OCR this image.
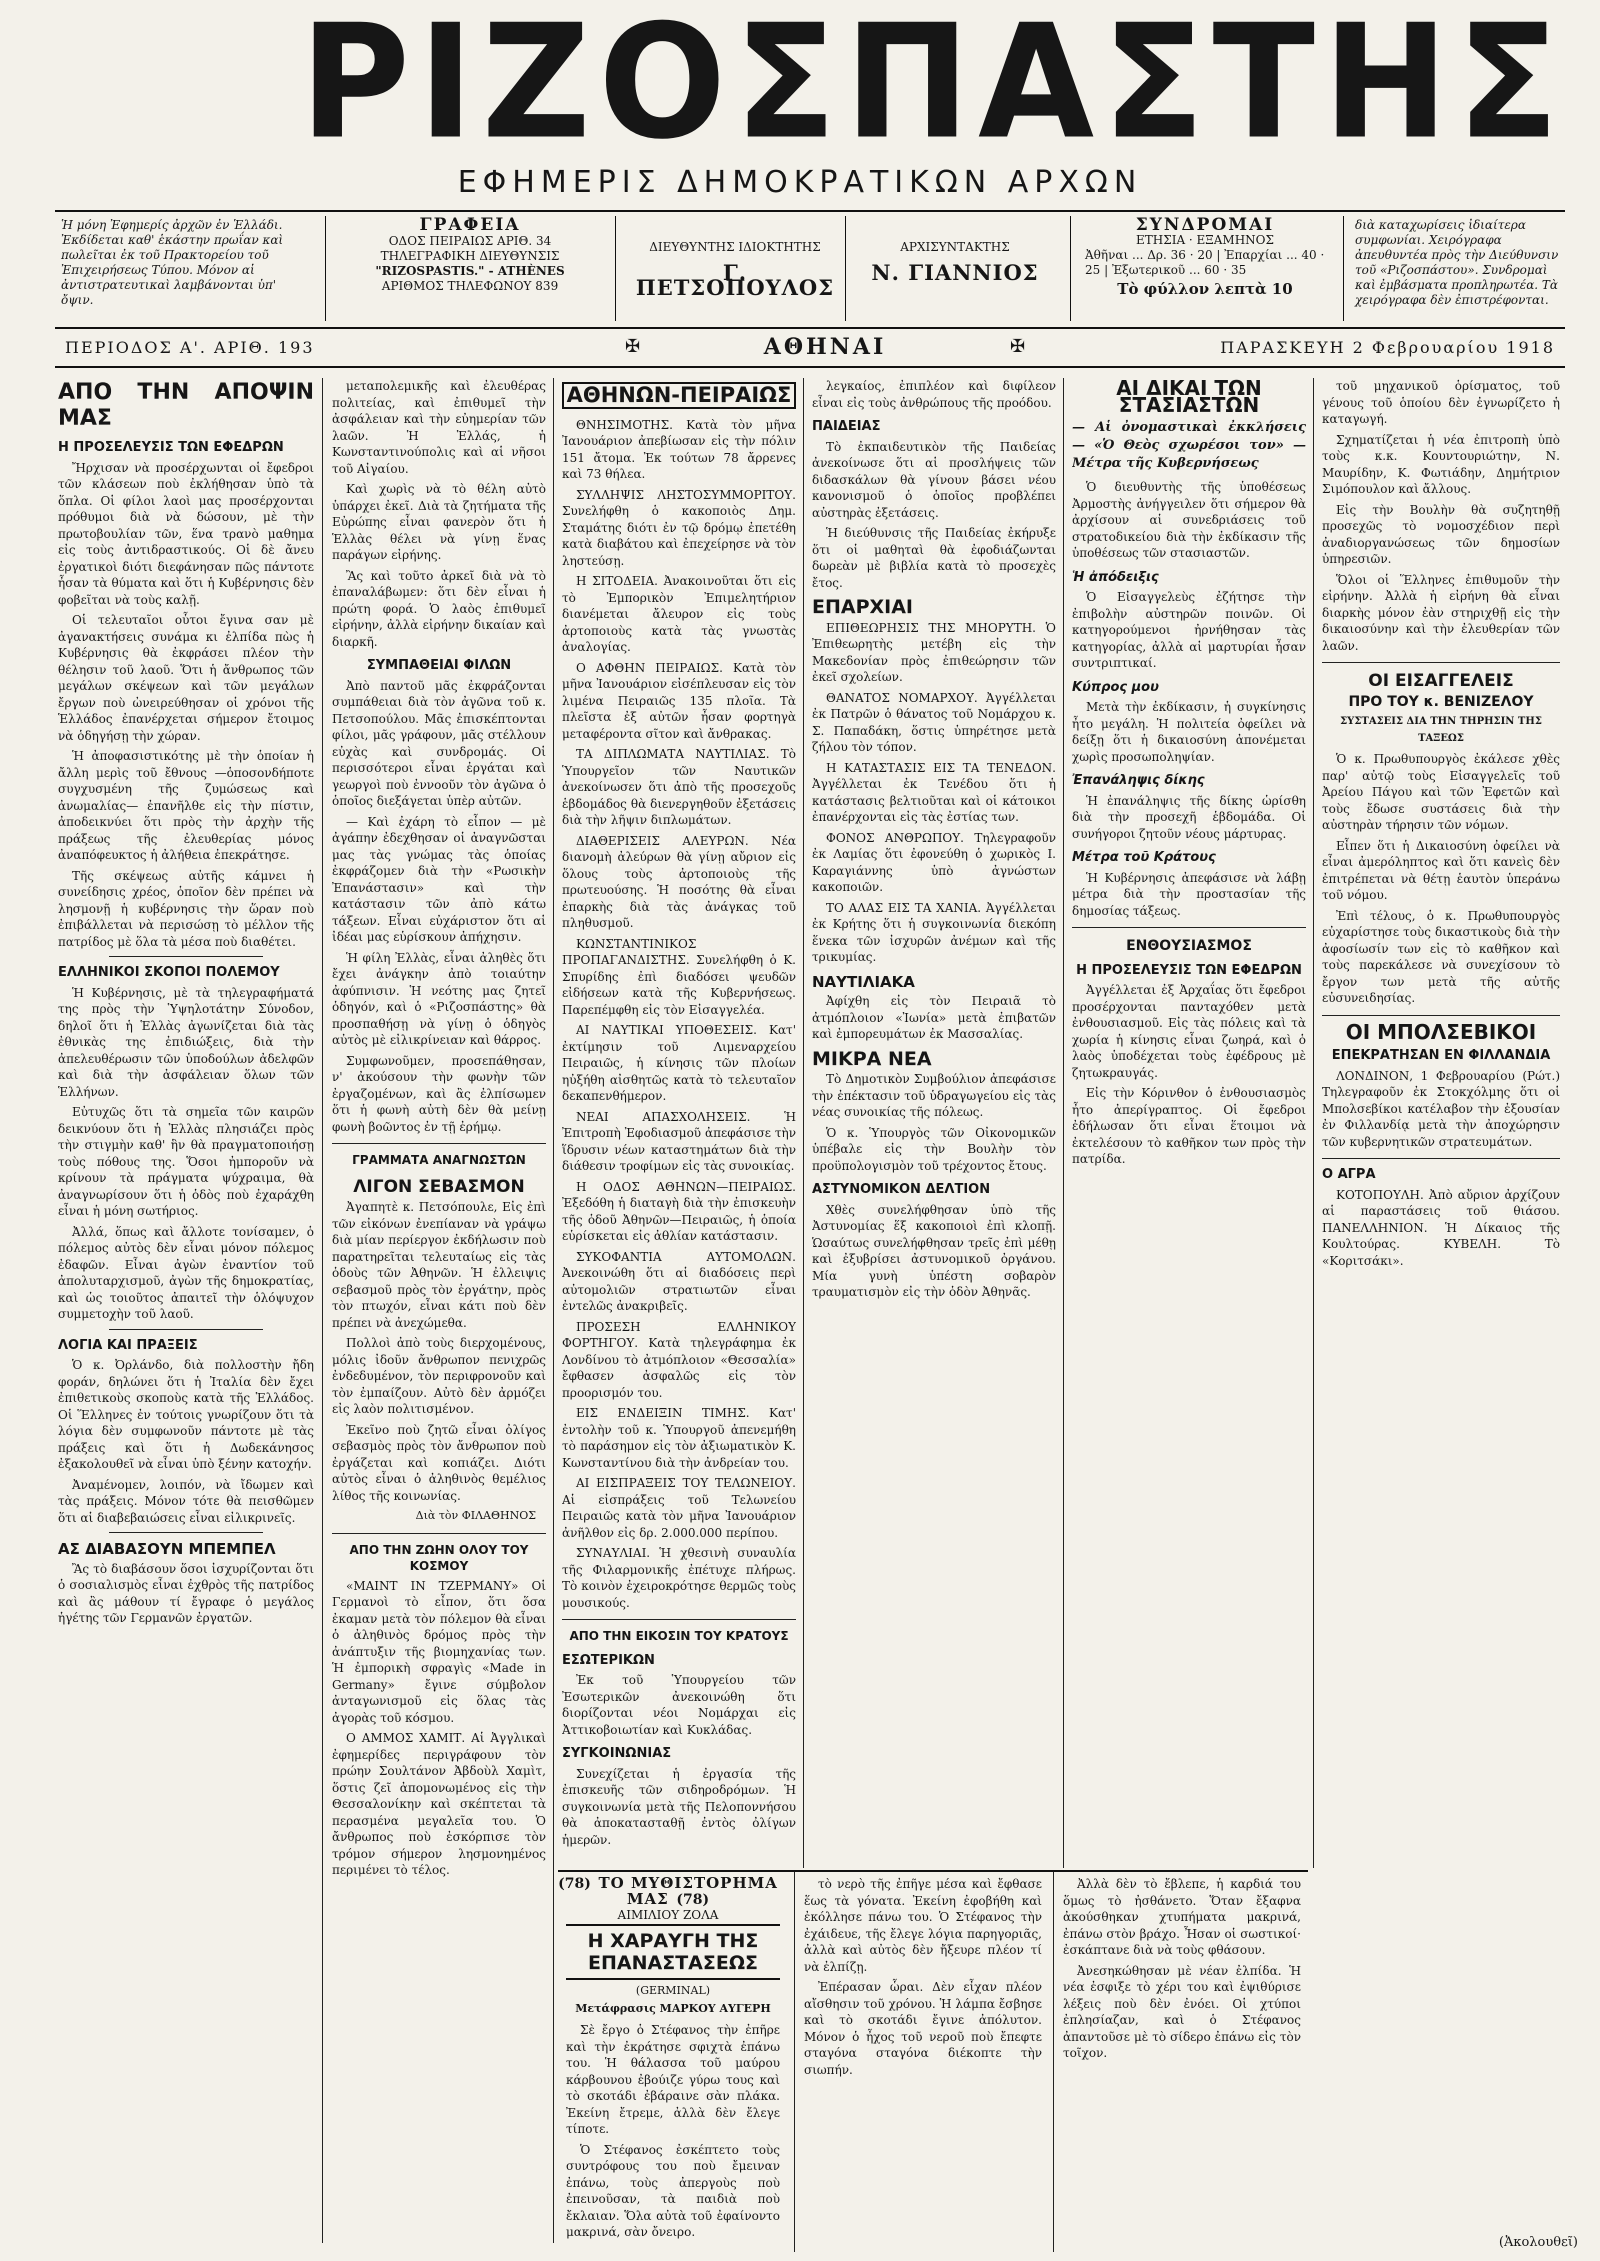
ΡΙΖΟΣΠΑΣΤΗΣ
ΕΦΗΜΕΡΙΣ ΔΗΜΟΚΡΑΤΙΚΩΝ ΑΡΧΩΝ
Ἡ μόνη Ἐφημερίς ἀρχῶν ἐν Ἑλλάδι. Ἐκδίδεται καθ' ἑκάστην πρωΐαν καὶ πωλεῖται ἐκ τοῦ Πρακτορείου τοῦ Ἐπιχειρήσεως Τύπου. Μόνον αἱ ἀντιστρατευτικαὶ λαμβάνονται ὑπ' ὄψιν.
ΓΡΑΦΕΙΑ
ΟΔΟΣ ΠΕΙΡΑΙΩΣ ΑΡΙΘ. 34
ΤΗΛΕΓΡΑΦΙΚΗ ΔΙΕΥΘΥΝΣΙΣ
"RIZOSPASTIS." - ATHÈNES
ΑΡΙΘΜΟΣ ΤΗΛΕΦΩΝΟΥ 839
ΔΙΕΥΘΥΝΤΗΣ ΙΔΙΟΚΤΗΤΗΣ
Γ. ΠΕΤΣΟΠΟΥΛΟΣ
ΑΡΧΙΣΥΝΤΑΚΤΗΣ
Ν. ΓΙΑΝΝΙΟΣ
ΣΥΝΔΡΟΜΑΙ
ΕΤΗΣΙΑ · ΕΞΑΜΗΝΟΣ
Ἀθῆναι ... Δρ. 36 · 20 | Ἐπαρχίαι ... 40 · 25 | Ἐξωτερικοῦ ... 60 · 35
Τὸ φύλλον λεπτὰ 10
διὰ καταχωρίσεις ἰδιαίτερα συμφωνίαι. Χειρόγραφα ἀπευθυντέα πρὸς τὴν Διεύθυνσιν τοῦ «Ριζοσπάστου». Συνδρομαὶ καὶ ἐμβάσματα προπληρωτέα. Τὰ χειρόγραφα δὲν ἐπιστρέφονται.
ΠΕΡΙΟΔΟΣ Α'. ΑΡΙΘ. 193	✠	ΑΘΗΝΑΙ	✠	ΠΑΡΑΣΚΕΥΗ 2 Φεβρουαρίου 1918
ΑΠΟ ΤΗΝ ΑΠΟΨΙΝ ΜΑΣ
Η ΠΡΟΣΕΛΕΥΣΙΣ ΤΩΝ ΕΦΕΔΡΩΝ

Ἤρχισαν νὰ προσέρχωνται οἱ ἔφεδροι τῶν κλάσεων ποὺ ἐκλήθησαν ὑπὸ τὰ ὅπλα. Οἱ φίλοι λαοὶ μας προσέρχονται πρόθυμοι διὰ νὰ δώσουν, μὲ τὴν πρωτοβουλίαν τῶν, ἕνα τρανὸ μαθημα εἰς τοὺς ἀντιδραστικούς. Οἱ δὲ ἄνευ ἐργατικοὶ διότι διεφάνησαν πῶς πάντοτε ἦσαν τὰ θύματα καὶ ὅτι ἡ Κυβέρνησις δὲν φοβεῖται νὰ τοὺς καλῇ.

Οἱ τελευταῖοι οὗτοι ἔγινα σαν μὲ ἀγανακτήσεις συνάμα κι ἐλπίδα πὼς ἡ Κυβέρνησις θὰ ἐκφράσει πλέον τὴν θέλησιν τοῦ λαοῦ. Ὅτι ἡ ἄνθρωπος τῶν μεγάλων σκέψεων καὶ τῶν μεγάλων ἔργων ποὺ ὠνειρεύθησαν οἱ χρόνοι τῆς Ἑλλάδος ἐπανέρχεται σήμερον ἔτοιμος νὰ ὁδηγήσῃ τὴν χώραν.

Ἡ ἀποφασιστικότης μὲ τὴν ὁποίαν ἡ ἄλλη μερὶς τοῦ ἔθνους —ὁποσονδήποτε συγχυσμένη τῆς ζυμώσεως καὶ ἀνωμαλίας— ἐπανῆλθε εἰς τὴν πίστιν, ἀποδεικνύει ὅτι πρὸς τὴν ἀρχὴν τῆς πράξεως τῆς ἐλευθερίας μόνος ἀναπόφευκτος ἡ ἀλήθεια ἐπεκράτησε.

Τῆς σκέψεως αὐτῆς κάμνει ἡ συνείδησις χρέος, ὁποῖον δὲν πρέπει νὰ λησμονῇ ἡ κυβέρνησις τὴν ὥραν ποὺ ἐπιβάλλεται νὰ περισώσῃ τὸ μέλλον τῆς πατρίδος μὲ ὅλα τὰ μέσα ποὺ διαθέτει.

ΕΛΛΗΝΙΚΟΙ ΣΚΟΠΟΙ ΠΟΛΕΜΟΥ

Ἡ Κυβέρνησις, μὲ τὰ τηλεγραφήματά της πρὸς τὴν Ὑψηλοτάτην Σύνοδον, δηλοῖ ὅτι ἡ Ἑλλὰς ἀγωνίζεται διὰ τὰς ἐθνικὰς της ἐπιδιώξεις, διὰ τὴν ἀπελευθέρωσιν τῶν ὑποδούλων ἀδελφῶν καὶ διὰ τὴν ἀσφάλειαν ὅλων τῶν Ἑλλήνων.

Εὐτυχῶς ὅτι τὰ σημεῖα τῶν καιρῶν δεικνύουν ὅτι ἡ Ἑλλὰς πλησιάζει πρὸς τὴν στιγμὴν καθ' ἣν θὰ πραγματοποιήσῃ τοὺς πόθους της. Ὅσοι ἠμποροῦν νὰ κρίνουν τὰ πράγματα ψύχραιμα, θὰ ἀναγνωρίσουν ὅτι ἡ ὁδὸς ποὺ ἐχαράχθη εἶναι ἡ μόνη σωτήριος.

Ἀλλά, ὅπως καὶ ἄλλοτε τονίσαμεν, ὁ πόλεμος αὐτὸς δὲν εἶναι μόνον πόλεμος ἐδαφῶν. Εἶναι ἀγὼν ἐναντίον τοῦ ἀπολυταρχισμοῦ, ἀγὼν τῆς δημοκρατίας, καὶ ὡς τοιοῦτος ἀπαιτεῖ τὴν ὁλόψυχον συμμετοχὴν τοῦ λαοῦ.

ΛΟΓΙΑ ΚΑΙ ΠΡΑΞΕΙΣ

Ὁ κ. Ὀρλάνδο, διὰ πολλοστὴν ἤδη φοράν, δηλώνει ὅτι ἡ Ἰταλία δὲν ἔχει ἐπιθετικοὺς σκοποὺς κατὰ τῆς Ἑλλάδος. Οἱ Ἕλληνες ἐν τούτοις γνωρίζουν ὅτι τὰ λόγια δὲν συμφωνοῦν πάντοτε μὲ τὰς πράξεις καὶ ὅτι ἡ Δωδεκάνησος ἐξακολουθεῖ νὰ εἶναι ὑπὸ ξένην κατοχήν.

Ἀναμένομεν, λοιπόν, νὰ ἴδωμεν καὶ τὰς πράξεις. Μόνον τότε θὰ πεισθῶμεν ὅτι αἱ διαβεβαιώσεις εἶναι εἰλικρινεῖς.

ΑΣ ΔΙΑΒΑΣΟΥΝ ΜΠΕΜΠΕΛ

Ἂς τὸ διαβάσουν ὅσοι ἰσχυρίζονται ὅτι ὁ σοσιαλισμὸς εἶναι ἐχθρὸς τῆς πατρίδος καὶ ἂς μάθουν τί ἔγραφε ὁ μεγάλος ἡγέτης τῶν Γερμανῶν ἐργατῶν.

μεταπολεμικῆς καὶ ἐλευθέρας πολιτείας, καὶ ἐπιθυμεῖ τὴν ἀσφάλειαν καὶ τὴν εὐημερίαν τῶν λαῶν. Ἡ Ἑλλάς, ἡ Κωνσταντινούπολις καὶ αἱ νῆσοι τοῦ Αἰγαίου.

Καὶ χωρὶς νὰ τὸ θέλη αὐτὸ ὑπάρχει ἐκεῖ. Διὰ τὰ ζητήματα τῆς Εὐρώπης εἶναι φανερὸν ὅτι ἡ Ἑλλὰς θέλει νὰ γίνῃ ἕνας παράγων εἰρήνης.

Ἂς καὶ τοῦτο ἀρκεῖ διὰ νὰ τὸ ἐπαναλάβωμεν: ὅτι δὲν εἶναι ἡ πρώτη φορά. Ὁ λαὸς ἐπιθυμεῖ εἰρήνην, ἀλλὰ εἰρήνην δικαίαν καὶ διαρκῆ.

ΣΥΜΠΑΘΕΙΑΙ ΦΙΛΩΝ

Ἀπὸ παντοῦ μᾶς ἐκφράζονται συμπάθειαι διὰ τὸν ἀγῶνα τοῦ κ. Πετσοπούλου. Μᾶς ἐπισκέπτονται φίλοι, μᾶς γράφουν, μᾶς στέλλουν εὐχὰς καὶ συνδρομάς. Οἱ περισσότεροι εἶναι ἐργάται καὶ γεωργοὶ ποὺ ἐννοοῦν τὸν ἀγῶνα ὁ ὁποῖος διεξάγεται ὑπὲρ αὐτῶν.

— Καὶ ἐχάρη τὸ εἶπον — μὲ ἀγάπην ἐδεχθησαν οἱ ἀναγνῶσται μας τὰς γνώμας τὰς ὁποίας ἐκφράζομεν διὰ τὴν «Ρωσικὴν Ἐπανάστασιν» καὶ τὴν κατάστασιν τῶν ἀπὸ κάτω τάξεων. Εἶναι εὐχάριστον ὅτι αἱ ἰδέαι μας εὑρίσκουν ἀπήχησιν.

Ἡ φίλη Ἐλλὰς, εἶναι ἀληθὲς ὅτι ἔχει ἀνάγκην ἀπὸ τοιαύτην ἀφύπνισιν. Ἡ νεότης μας ζητεῖ ὁδηγόν, καὶ ὁ «Ριζοσπάστης» θὰ προσπαθήσῃ νὰ γίνῃ ὁ ὁδηγὸς αὐτὸς μὲ εἰλικρίνειαν καὶ θάρρος.

Συμφωνοῦμεν, προσεπάθησαν, ν' ἀκούσουν τὴν φωνὴν τῶν ἐργαζομένων, καὶ ἂς ἐλπίσωμεν ὅτι ἡ φωνὴ αὐτὴ δὲν θὰ μείνῃ φωνὴ βοῶντος ἐν τῇ ἐρήμῳ.

ΓΡΑΜΜΑΤΑ ΑΝΑΓΝΩΣΤΩΝ
ΛΙΓΟΝ ΣΕΒΑΣΜΟΝ

Ἀγαπητὲ κ. Πετσόπουλε, Εἰς ἐπὶ τῶν εἰκόνων ἐνεπίαναν νὰ γράψω διὰ μίαν περίεργον ἐκδήλωσιν ποὺ παρατηρεῖται τελευταίως εἰς τὰς ὁδοὺς τῶν Ἀθηνῶν. Ἡ ἐλλειψις σεβασμοῦ πρὸς τὸν ἐργάτην, πρὸς τὸν πτωχόν, εἶναι κάτι ποὺ δὲν πρέπει νὰ ἀνεχώμεθα.

Πολλοὶ ἀπὸ τοὺς διερχομένους, μόλις ἰδοῦν ἄνθρωπον πενιχρῶς ἐνδεδυμένον, τὸν περιφρονοῦν καὶ τὸν ἐμπαίζουν. Αὐτὸ δὲν ἀρμόζει εἰς λαὸν πολιτισμένον.

Ἐκεῖνο ποὺ ζητῶ εἶναι ὀλίγος σεβασμὸς πρὸς τὸν ἄνθρωπον ποὺ ἐργάζεται καὶ κοπιάζει. Διότι αὐτὸς εἶναι ὁ ἀληθινὸς θεμέλιος λίθος τῆς κοινωνίας.

Διὰ τὸν ΦΙΛΑΘΗΝΟΣ
ΑΠΟ ΤΗΝ ΖΩΗΝ ΟΛΟΥ ΤΟΥ ΚΟΣΜΟΥ

«ΜΑΙΝΤ ΙΝ ΤΖΕΡΜΑΝΥ» Οἱ Γερμανοὶ τὸ εἶπον, ὅτι ὅσα ἐκαμαν μετὰ τὸν πόλεμον θὰ εἶναι ὁ ἀληθινὸς δρόμος πρὸς τὴν ἀνάπτυξιν τῆς βιομηχανίας των. Ἡ ἐμπορικὴ σφραγὶς «Made in Germany» ἔγινε σύμβολον ἀνταγωνισμοῦ εἰς ὅλας τὰς ἀγορὰς τοῦ κόσμου.

Ο ΑΜΜΟΣ ΧΑΜΙΤ. Αἱ Ἀγγλικαὶ ἐφημερίδες περιγράφουν τὸν πρώην Σουλτάνον Ἀβδοὺλ Χαμὶτ, ὅστις ζεῖ ἀπομονωμένος εἰς τὴν Θεσσαλονίκην καὶ σκέπτεται τὰ περασμένα μεγαλεῖα του. Ὁ ἄνθρωπος ποὺ ἐσκόρπισε τὸν τρόμον σήμερον λησμονημένος περιμένει τὸ τέλος.

ΑΘΗΝΩΝ-ΠΕΙΡΑΙΩΣ

ΘΝΗΣΙΜΟΤΗΣ. Κατὰ τὸν μῆνα Ἰανουάριον ἀπεβίωσαν εἰς τὴν πόλιν 151 ἄτομα. Ἐκ τούτων 78 ἄρρενες καὶ 73 θήλεα.

ΣΥΛΛΗΨΙΣ ΛΗΣΤΟΣΥΜΜΟΡΙΤΟΥ. Συνελήφθη ὁ κακοποιὸς Δημ. Σταμάτης διότι ἐν τῷ δρόμῳ ἐπετέθη κατὰ διαβάτου καὶ ἐπεχείρησε νὰ τὸν ληστεύσῃ.

Η ΣΙΤΟΔΕΙΑ. Ἀνακοινοῦται ὅτι εἰς τὸ Ἐμπορικὸν Ἐπιμελητήριον διανέμεται ἄλευρον εἰς τοὺς ἀρτοποιοὺς κατὰ τὰς γνωστὰς ἀναλογίας.

Ο ΑΦΘΗΝ ΠΕΙΡΑΙΩΣ. Κατὰ τὸν μῆνα Ἰανουάριον εἰσέπλευσαν εἰς τὸν λιμένα Πειραιῶς 135 πλοῖα. Τὰ πλεῖστα ἐξ αὐτῶν ἦσαν φορτηγὰ μεταφέροντα σῖτον καὶ ἄνθρακας.

ΤΑ ΔΙΠΛΩΜΑΤΑ ΝΑΥΤΙΛΙΑΣ. Τὸ Ὑπουργεῖον τῶν Ναυτικῶν ἀνεκοίνωσεν ὅτι ἀπὸ τῆς προσεχοῦς ἑβδομάδος θὰ διενεργηθοῦν ἐξετάσεις διὰ τὴν λῆψιν διπλωμάτων.

ΔΙΑΘΕΡΙΣΕΙΣ ΑΛΕΥΡΩΝ. Νέα διανομὴ ἀλεύρων θὰ γίνῃ αὔριον εἰς ὅλους τοὺς ἀρτοποιοὺς τῆς πρωτευούσης. Ἡ ποσότης θὰ εἶναι ἐπαρκὴς διὰ τὰς ἀνάγκας τοῦ πληθυσμοῦ.

ΚΩΝΣΤΑΝΤΙΝΙΚΟΣ ΠΡΟΠΑΓΑΝΔΙΣΤΗΣ. Συνελήφθη ὁ Κ. Σπυρίδης ἐπὶ διαδόσει ψευδῶν εἰδήσεων κατὰ τῆς Κυβερνήσεως. Παρεπέμφθη εἰς τὸν Εἰσαγγελέα.

ΑΙ ΝΑΥΤΙΚΑΙ ΥΠΟΘΕΣΕΙΣ. Κατ' ἐκτίμησιν τοῦ Λιμεναρχείου Πειραιῶς, ἡ κίνησις τῶν πλοίων ηὐξήθη αἰσθητῶς κατὰ τὸ τελευταῖον δεκαπενθήμερον.

ΝΕΑΙ ΑΠΑΣΧΟΛΗΣΕΙΣ. Ἡ Ἐπιτροπὴ Ἐφοδιασμοῦ ἀπεφάσισε τὴν ἵδρυσιν νέων καταστημάτων διὰ τὴν διάθεσιν τροφίμων εἰς τὰς συνοικίας.

Η ΟΔΟΣ ΑΘΗΝΩΝ—ΠΕΙΡΑΙΩΣ. Ἐξεδόθη ἡ διαταγὴ διὰ τὴν ἐπισκευὴν τῆς ὁδοῦ Ἀθηνῶν—Πειραιῶς, ἡ ὁποία εὑρίσκεται εἰς ἀθλίαν κατάστασιν.

ΣΥΚΟΦΑΝΤΙΑ ΑΥΤΟΜΟΛΩΝ. Ἀνεκοινώθη ὅτι αἱ διαδόσεις περὶ αὐτομολιῶν στρατιωτῶν εἶναι ἐντελῶς ἀνακριβεῖς.

ΠΡΟΣΕΣΗ ΕΛΛΗΝΙΚΟΥ ΦΟΡΤΗΓΟΥ. Κατὰ τηλεγράφημα ἐκ Λονδίνου τὸ ἀτμόπλοιον «Θεσσαλία» ἔφθασεν ἀσφαλῶς εἰς τὸν προορισμόν του.

ΕΙΣ ΕΝΔΕΙΞΙΝ ΤΙΜΗΣ. Κατ' ἐντολὴν τοῦ κ. Ὑπουργοῦ ἀπενεμήθη τὸ παράσημον εἰς τὸν ἀξιωματικὸν Κ. Κωνσταντίνου διὰ τὴν ἀνδρείαν του.

ΑΙ ΕΙΣΠΡΑΞΕΙΣ ΤΟΥ ΤΕΛΩΝΕΙΟΥ. Αἱ εἰσπράξεις τοῦ Τελωνείου Πειραιῶς κατὰ τὸν μῆνα Ἰανουάριον ἀνῆλθον εἰς δρ. 2.000.000 περίπου.

ΣΥΝΑΥΛΙΑΙ. Ἡ χθεσινὴ συναυλία τῆς Φιλαρμονικῆς ἐπέτυχε πλήρως. Τὸ κοινὸν ἐχειροκρότησε θερμῶς τοὺς μουσικούς.

ΑΠΟ ΤΗΝ ΕΙΚΟΣΙΝ ΤΟΥ ΚΡΑΤΟΥΣ
ΕΣΩΤΕΡΙΚΩΝ

Ἐκ τοῦ Ὑπουργείου τῶν Ἐσωτερικῶν ἀνεκοινώθη ὅτι διορίζονται νέοι Νομάρχαι εἰς Ἀττικοβοιωτίαν καὶ Κυκλάδας.

ΣΥΓΚΟΙΝΩΝΙΑΣ

Συνεχίζεται ἡ ἐργασία τῆς ἐπισκευῆς τῶν σιδηροδρόμων. Ἡ συγκοινωνία μετὰ τῆς Πελοποννήσου θὰ ἀποκατασταθῇ ἐντὸς ὀλίγων ἡμερῶν.

λεγκαίος, ἐπιπλέον καὶ διφίλεον εἶναι εἰς τοὺς ἀνθρώπους τῆς προόδου.

ΠΑΙΔΕΙΑΣ

Τὸ ἐκπαιδευτικὸν τῆς Παιδείας ἀνεκοίνωσε ὅτι αἱ προσλήψεις τῶν διδασκάλων θὰ γίνουν βάσει νέου κανονισμοῦ ὁ ὁποῖος προβλέπει αὐστηρὰς ἐξετάσεις.

Ἡ διεύθυνσις τῆς Παιδείας ἐκήρυξε ὅτι οἱ μαθηταὶ θὰ ἐφοδιάζωνται δωρεὰν μὲ βιβλία κατὰ τὸ προσεχὲς ἔτος.

ΕΠΑΡΧΙΑΙ

ΕΠΙΘΕΩΡΗΣΙΣ ΤΗΣ ΜΗΟΡΥΤΗ. Ὁ Ἐπιθεωρητὴς μετέβη εἰς τὴν Μακεδονίαν πρὸς ἐπιθεώρησιν τῶν ἐκεῖ σχολείων.

ΘΑΝΑΤΟΣ ΝΟΜΑΡΧΟΥ. Ἀγγέλλεται ἐκ Πατρῶν ὁ θάνατος τοῦ Νομάρχου κ. Σ. Παπαδάκη, ὅστις ὑπηρέτησε μετὰ ζήλου τὸν τόπον.

Η ΚΑΤΑΣΤΑΣΙΣ ΕΙΣ ΤΑ ΤΕΝΕΔΟΝ. Ἀγγέλλεται ἐκ Τενέδου ὅτι ἡ κατάστασις βελτιοῦται καὶ οἱ κάτοικοι ἐπανέρχονται εἰς τὰς ἐστίας των.

ΦΟΝΟΣ ΑΝΘΡΩΠΟΥ. Τηλεγραφοῦν ἐκ Λαμίας ὅτι ἐφονεύθη ὁ χωρικὸς Ι. Καραγιάννης ὑπὸ ἀγνώστων κακοποιῶν.

ΤΟ ΑΛΑΣ ΕΙΣ ΤΑ ΧΑΝΙΑ. Ἀγγέλλεται ἐκ Κρήτης ὅτι ἡ συγκοινωνία διεκόπη ἕνεκα τῶν ἰσχυρῶν ἀνέμων καὶ τῆς τρικυμίας.

ΝΑΥΤΙΛΙΑΚΑ

Ἀφίχθη εἰς τὸν Πειραιᾶ τὸ ἀτμόπλοιον «Ἰωνία» μετὰ ἐπιβατῶν καὶ ἐμπορευμάτων ἐκ Μασσαλίας.

ΜΙΚΡΑ ΝΕΑ

Τὸ Δημοτικὸν Συμβούλιον ἀπεφάσισε τὴν ἐπέκτασιν τοῦ ὑδραγωγείου εἰς τὰς νέας συνοικίας τῆς πόλεως.

Ὁ κ. Ὑπουργὸς τῶν Οἰκονομικῶν ὑπέβαλε εἰς τὴν Βουλὴν τὸν προϋπολογισμὸν τοῦ τρέχοντος ἔτους.

ΑΣΤΥΝΟΜΙΚΟΝ ΔΕΛΤΙΟΝ

Χθὲς συνελήφθησαν ὑπὸ τῆς Ἀστυνομίας ἕξ κακοποιοὶ ἐπὶ κλοπῇ. Ὡσαύτως συνελήφθησαν τρεῖς ἐπὶ μέθῃ καὶ ἐξυβρίσει ἀστυνομικοῦ ὀργάνου. Μία γυνὴ ὑπέστη σοβαρὸν τραυματισμὸν εἰς τὴν ὁδὸν Ἀθηνᾶς.

ΑΙ ΔΙΚΑΙ ΤΩΝ ΣΤΑΣΙΑΣΤΩΝ
— Αἱ ὀνομαστικαὶ ἐκκλήσεις — «Ὁ Θεὸς σχωρέσοι τον» — Μέτρα τῆς Κυβερνήσεως

Ὁ διευθυντὴς τῆς ὑποθέσεως Ἀρμοστὴς ἀνήγγειλεν ὅτι σήμερον θὰ ἀρχίσουν αἱ συνεδριάσεις τοῦ στρατοδικείου διὰ τὴν ἐκδίκασιν τῆς ὑποθέσεως τῶν στασιαστῶν.

Ἡ ἀπόδειξις

Ὁ Εἰσαγγελεὺς ἐζήτησε τὴν ἐπιβολὴν αὐστηρῶν ποινῶν. Οἱ κατηγορούμενοι ἠρνήθησαν τὰς κατηγορίας, ἀλλὰ αἱ μαρτυρίαι ἦσαν συντριπτικαί.

Κύπρος μου

Μετὰ τὴν ἐκδίκασιν, ἡ συγκίνησις ἦτο μεγάλη. Ἡ πολιτεία ὀφείλει νὰ δείξῃ ὅτι ἡ δικαιοσύνη ἀπονέμεται χωρὶς προσωποληψίαν.

Ἐπανάληψις δίκης

Ἡ ἐπανάληψις τῆς δίκης ὡρίσθη διὰ τὴν προσεχῆ ἑβδομάδα. Οἱ συνήγοροι ζητοῦν νέους μάρτυρας.

Μέτρα τοῦ Κράτους

Ἡ Κυβέρνησις ἀπεφάσισε νὰ λάβῃ μέτρα διὰ τὴν προστασίαν τῆς δημοσίας τάξεως.

ΕΝΘΟΥΣΙΑΣΜΟΣ
Η ΠΡΟΣΕΛΕΥΣΙΣ ΤΩΝ ΕΦΕΔΡΩΝ

Ἀγγέλλεται ἐξ Ἀρχαΐας ὅτι ἔφεδροι προσέρχονται πανταχόθεν μετὰ ἐνθουσιασμοῦ. Εἰς τὰς πόλεις καὶ τὰ χωρία ἡ κίνησις εἶναι ζωηρά, καὶ ὁ λαὸς ὑποδέχεται τοὺς ἐφέδρους μὲ ζητωκραυγάς.

Εἰς τὴν Κόρινθον ὁ ἐνθουσιασμὸς ἦτο ἀπερίγραπτος. Οἱ ἔφεδροι ἐδήλωσαν ὅτι εἶναι ἕτοιμοι νὰ ἐκτελέσουν τὸ καθῆκον των πρὸς τὴν πατρίδα.

τοῦ μηχανικοῦ ὁρίσματος, τοῦ γένους τοῦ ὁποίου δὲν ἐγνωρίζετο ἡ καταγωγή.

Σχηματίζεται ἡ νέα ἐπιτροπὴ ὑπὸ τοὺς κ.κ. Κουντουριώτην, Ν. Μαυρίδην, Κ. Φωτιάδην, Δημήτριον Σιμόπουλον καὶ ἄλλους.

Εἰς τὴν Βουλὴν θὰ συζητηθῇ προσεχῶς τὸ νομοσχέδιον περὶ ἀναδιοργανώσεως τῶν δημοσίων ὑπηρεσιῶν.

Ὅλοι οἱ Ἕλληνες ἐπιθυμοῦν τὴν εἰρήνην. Ἀλλὰ ἡ εἰρήνη θὰ εἶναι διαρκὴς μόνον ἐὰν στηριχθῇ εἰς τὴν δικαιοσύνην καὶ τὴν ἐλευθερίαν τῶν λαῶν.

ΟΙ ΕΙΣΑΓΓΕΛΕΙΣ
ΠΡΟ ΤΟΥ κ. ΒΕΝΙΖΕΛΟΥ
ΣΥΣΤΑΣΕΙΣ ΔΙΑ ΤΗΝ ΤΗΡΗΣΙΝ ΤΗΣ ΤΑΞΕΩΣ

Ὁ κ. Πρωθυπουργὸς ἐκάλεσε χθὲς παρ' αὐτῷ τοὺς Εἰσαγγελεῖς τοῦ Ἀρείου Πάγου καὶ τῶν Ἐφετῶν καὶ τοὺς ἔδωσε συστάσεις διὰ τὴν αὐστηρὰν τήρησιν τῶν νόμων.

Εἶπεν ὅτι ἡ Δικαιοσύνη ὀφείλει νὰ εἶναι ἀμερόληπτος καὶ ὅτι κανεὶς δὲν ἐπιτρέπεται νὰ θέτῃ ἑαυτὸν ὑπεράνω τοῦ νόμου.

Ἐπὶ τέλους, ὁ κ. Πρωθυπουργὸς εὐχαρίστησε τοὺς δικαστικοὺς διὰ τὴν ἀφοσίωσίν των εἰς τὸ καθῆκον καὶ τοὺς παρεκάλεσε νὰ συνεχίσουν τὸ ἔργον των μετὰ τῆς αὐτῆς εὐσυνειδησίας.

ΟΙ ΜΠΟΛΣΕΒΙΚΟΙ
ΕΠΕΚΡΑΤΗΣΑΝ ΕΝ ΦΙΛΛΑΝΔΙΑ

ΛΟΝΔΙΝΟΝ, 1 Φεβρουαρίου (Ρώτ.) Τηλεγραφοῦν ἐκ Στοκχόλμης ὅτι οἱ Μπολσεβίκοι κατέλαβον τὴν ἐξουσίαν ἐν Φιλλανδίᾳ μετὰ τὴν ἀποχώρησιν τῶν κυβερνητικῶν στρατευμάτων.

Ο ΑΓΡΑ

ΚΟΤΟΠΟΥΛΗ. Ἀπὸ αὔριον ἀρχίζουν αἱ παραστάσεις τοῦ θιάσου. ΠΑΝΕΛΛΗΝΙΟΝ. Ἡ Δίκαιος τῆς Κουλτούρας. ΚΥΒΕΛΗ. Τὸ «Κοριτσάκι».

(78) ΤΟ ΜΥΘΙΣΤΟΡΗΜΑ ΜΑΣ (78)
ΑΙΜΙΛΙΟΥ ΖΟΛΑ
Η ΧΑΡΑΥΓΗ ΤΗΣ ΕΠΑΝΑΣΤΑΣΕΩΣ
(GERMINAL)
Μετάφρασις ΜΑΡΚΟΥ ΑΥΓΕΡΗ

Σὲ ἔργο ὁ Στέφανος τὴν ἐπῆρε καὶ τὴν ἐκράτησε σφιχτὰ ἐπάνω του. Ἡ θάλασσα τοῦ μαύρου κάρβουνου ἐβούιζε γύρω τους καὶ τὸ σκοτάδι ἐβάραινε σὰν πλάκα. Ἐκείνη ἔτρεμε, ἀλλὰ δὲν ἔλεγε τίποτε.

Ὁ Στέφανος ἐσκέπτετο τοὺς συντρόφους του ποὺ ἔμειναν ἐπάνω, τοὺς ἀπεργοὺς ποὺ ἐπεινοῦσαν, τὰ παιδιὰ ποὺ ἔκλαιαν. Ὅλα αὐτὰ τοῦ ἐφαίνοντο μακρινά, σὰν ὄνειρο.

τὸ νερὸ τῆς ἐπῆγε μέσα καὶ ἔφθασε ἕως τὰ γόνατα. Ἐκείνη ἐφοβήθη καὶ ἐκόλλησε πάνω του. Ὁ Στέφανος τὴν ἐχάιδευε, τῆς ἔλεγε λόγια παρηγοριᾶς, ἀλλὰ καὶ αὐτὸς δὲν ἤξευρε πλέον τί νὰ ἐλπίζῃ.

Ἐπέρασαν ὧραι. Δὲν εἶχαν πλέον αἴσθησιν τοῦ χρόνου. Ἡ λάμπα ἔσβησε καὶ τὸ σκοτάδι ἔγινε ἀπόλυτον. Μόνον ὁ ἦχος τοῦ νεροῦ ποὺ ἔπεφτε σταγόνα σταγόνα διέκοπτε τὴν σιωπήν.

Ἀλλὰ δὲν τὸ ἔβλεπε, ἡ καρδιά του ὅμως τὸ ἠσθάνετο. Ὅταν ἔξαφνα ἀκούσθηκαν χτυπήματα μακρινά, ἐπάνω στὸν βράχο. Ἦσαν οἱ σωστικοί· ἐσκάπτανε διὰ νὰ τοὺς φθάσουν.

Ἀνεσηκώθησαν μὲ νέαν ἐλπίδα. Ἡ νέα ἐσφιξε τὸ χέρι του καὶ ἐψιθύρισε λέξεις ποὺ δὲν ἐνόει. Οἱ χτύποι ἐπλησίαζαν, καὶ ὁ Στέφανος ἀπαντοῦσε μὲ τὸ σίδερο ἐπάνω εἰς τὸν τοῖχον.

(Ἀκολουθεῖ)
